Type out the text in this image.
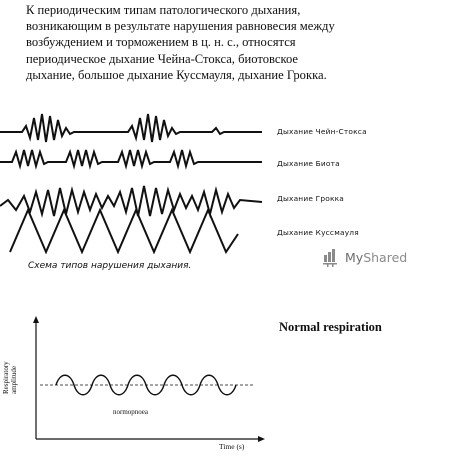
К периодическим типам патологического дыхания,
возникающим в результате нарушения равновесия между
возбуждением и торможением в ц. н. с., относятся
периодическое дыхание Чейна-Стокса, биотовское
дыхание, большое дыхание Куссмауля, дыхание Грокка.
Дыхание Чейн-Стокса
Дыхание Биота
Дыхание Грокка
Дыхание Куссмауля
Схема типов нарушения дыхания.
MyShared
Normal respiration
Respiratory amplitude
normopnoea
Time (s)
